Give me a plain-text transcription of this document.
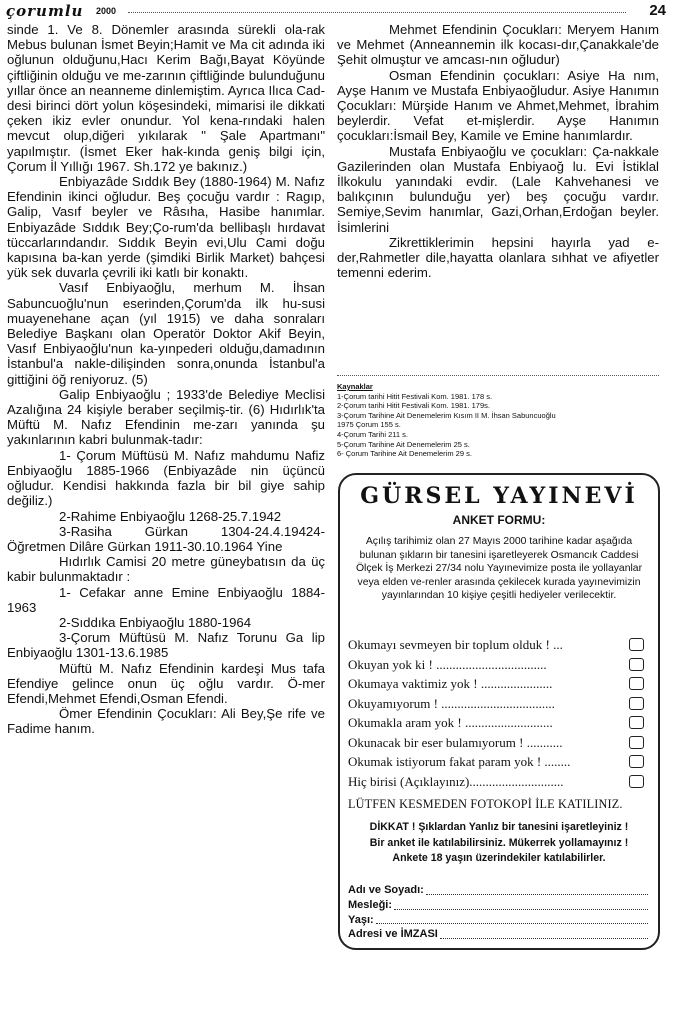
çorumlu 2000	24

sinde 1. Ve 8. Dönemler arasında sürekli ola-rak Mebus bulunan İsmet Beyin;Hamit ve Ma cit adında iki oğlunun olduğunu,Hacı Kerim Bağı,Bayat Köyünde çiftliğinin olduğu ve me-zarının çiftliğinde bulunduğunu yıllar önce an neanneme dinlemiştim. Ayrıca Ilıca Cad-desi birinci dört yolun köşesindeki, mimarisi ile dikkati çeken ikiz evler onundur. Yol kena-rındaki halen mevcut olup,diğeri yıkılarak " Şale Apartmanı" yapılmıştır. (İsmet Eker hak-kında geniş bilgi için, Çorum İl Yıllığı 1967. Sh.172 ye bakınız.)

Enbiyazâde Sıddık Bey (1880-1964) M. Nafız Efendinin ikinci oğludur. Beş çocuğu vardır : Ragıp, Galip, Vasıf beyler ve Râsıha, Hasibe hanımlar. Enbiyazâde Sıddık Bey;Ço-rum'da bellibaşlı hırdavat tüccarlarındandır. Sıddık Beyin evi,Ulu Cami doğu kapısına ba-kan yerde (şimdiki Birlik Market) bahçesi yük sek duvarla çevrili iki katlı bir konaktı.

Vasıf Enbiyaoğlu, merhum M. İhsan Sabuncuoğlu'nun eserinden,Çorum'da ilk hu-susi muayenehane açan (yıl 1915) ve daha sonraları Belediye Başkanı olan Operatör Doktor Akif Beyin, Vasıf Enbiyaoğlu'nun ka-yınpederi olduğu,damadının İstanbul'a nakle-dilişinden sonra,onunda İstanbul'a gittiğini öğ reniyoruz. (5)

Galip Enbiyaoğlu ; 1933'de Belediye Meclisi Azalığına 24 kişiyle beraber seçilmiş-tir. (6) Hıdırlık'ta Müftü M. Nafız Efendinin me-zarı yanında şu yakınlarının kabri bulunmak-tadır:

1- Çorum Müftüsü M. Nafız mahdumu Nafiz Enbiyaoğlu 1885-1966 (Enbiyazâde nin üçüncü oğludur. Kendisi hakkında fazla bir bil giye sahip değiliz.)

2-Rahime Enbiyaoğlu 1268-25.7.1942

3-Rasiha Gürkan 1304-24.4.19424-Öğretmen Dilâre Gürkan 1911-30.10.1964 Yine

Hıdırlık Camisi 20 metre güneybatısın da üç kabir bulunmaktadır :

1- Cefakar anne Emine Enbiyaoğlu 1884-1963

2-Sıddıka Enbiyaoğlu 1880-1964

3-Çorum Müftüsü M. Nafız Torunu Ga lip Enbiyaoğlu 1301-13.6.1985

Müftü M. Nafız Efendinin kardeşi Mus tafa Efendiye gelince onun üç oğlu vardır. Ö-mer Efendi,Mehmet Efendi,Osman Efendi.

Ömer Efendinin Çocukları: Ali Bey,Şe rife ve Fadime hanım.

Mehmet Efendinin Çocukları: Meryem Hanım ve Mehmet (Anneannemin ilk kocası-dır,Çanakkale'de Şehit olmuştur ve amcası-nın oğludur)

Osman Efendinin çocukları: Asiye Ha nım, Ayşe Hanım ve Mustafa Enbiyaoğludur. Asiye Hanımın Çocukları: Mürşide Hanım ve Ahmet,Mehmet, İbrahim beylerdir. Vefat et-mişlerdir. Ayşe Hanımın çocukları:İsmail Bey, Kamile ve Emine hanımlardır.

Mustafa Enbiyaoğlu ve çocukları: Ça-nakkale Gazilerinden olan Mustafa Enbiyaoğ lu. Evi İstiklal İlkokulu yanındaki evdir. (Lale Kahvehanesi ve balıkçının bulunduğu yer) beş çocuğu vardır. Semiye,Sevim hanımlar, Gazi,Orhan,Erdoğan beyler. İsimlerini

Zikrettiklerimin hepsini hayırla yad e-der,Rahmetler dile,hayatta olanlara sıhhat ve afiyetler temenni ederim.

Kaynaklar
1-Çorum tarihi Hitit Festivali Kom. 1981. 178 s.
2-Çorum tarihi Hitit Festivali Kom. 1981. 179s.
3-Çorum Tarihine Ait Denemelerim Kısım II M. İhsan Sabuncuoğlu
1975 Çorum 155 s.
4-Çorum Tarihi 211 s.
5-Çorum Tarihine Ait Denemelerim 25 s.
6- Çorum Tarihine Ait Denemelerim 29 s.
GÜRSEL YAYINEVİ
ANKET FORMU:
Açılış tarihimiz olan 27 Mayıs 2000 tarihine kadar aşağıda bulunan şıkların bir tanesini işaretleyerek Osmancık Caddesi Ölçek İş Merkezi 27/34 nolu Yayınevimize posta ile yollayanlar veya elden ve-renler arasında çekilecek kurada yayınevimizin yayınlarından 10 kişiye çeşitli hediyeler verilecektir.
Okumayı sevmeyen bir toplum olduk ! ...
Okuyan yok ki ! ..................................
Okumaya vaktimiz yok ! ......................
Okuyamıyorum ! ...................................
Okumakla aram yok ! ...........................
Okunacak bir eser bulamıyorum ! ...........
Okumak istiyorum fakat param yok ! ........
Hiç birisi (Açıklayınız).............................
LÜTFEN KESMEDEN FOTOKOPİ İLE KATILINIZ.
DİKKAT ! Şıklardan Yanlız bir tanesini işaretleyiniz !
Bir anket ile katılabilirsiniz. Mükerrek yollamayınız !
Ankete 18 yaşın üzerindekiler katılabilirler.
Adı ve Soyadı:
Mesleği:
Yaşı:
Adresi ve İMZASI
